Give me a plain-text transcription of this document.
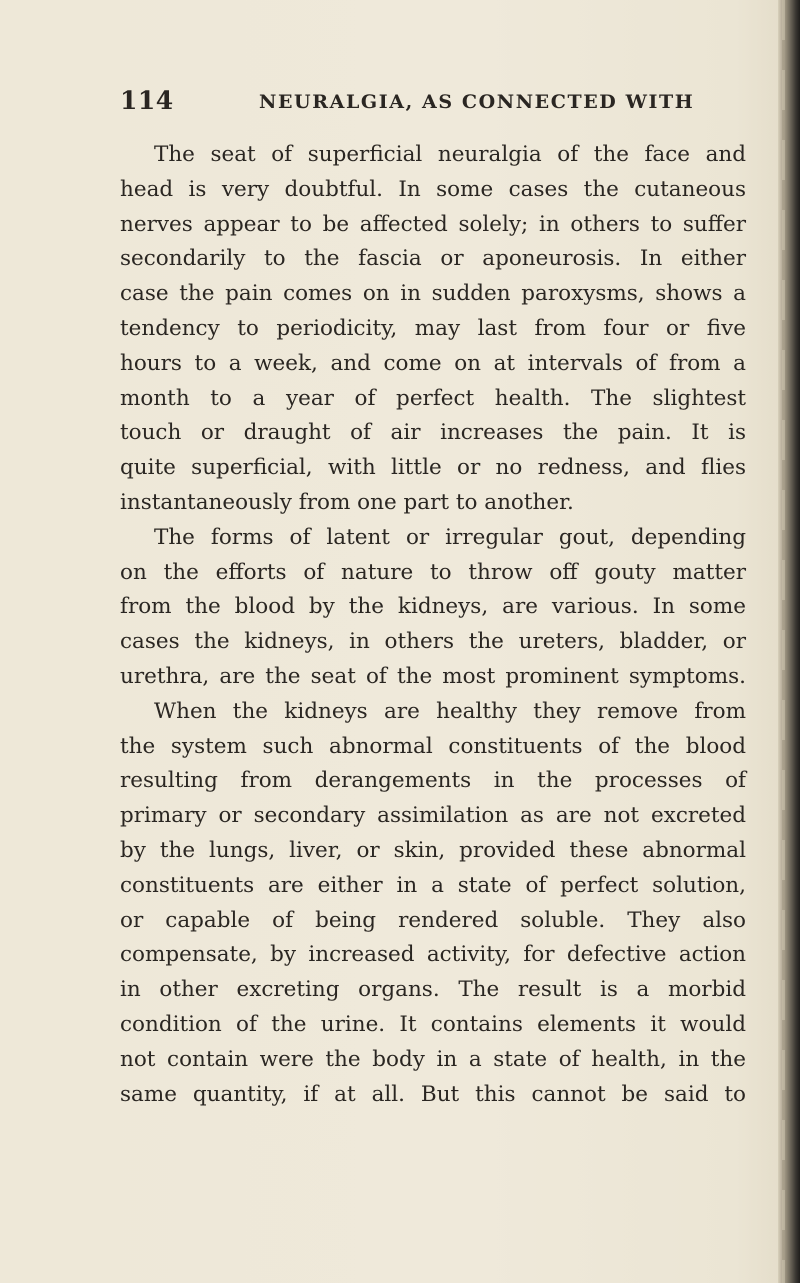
114	NEURALGIA, AS CONNECTED WITH
The seat of superficial neuralgia of the face and
head is very doubtful. In some cases the cutaneous
nerves appear to be affected solely; in others to suffer
secondarily to the fascia or aponeurosis. In either
case the pain comes on in sudden paroxysms, shows a
tendency to periodicity, may last from four or five
hours to a week, and come on at intervals of from a
month to a year of perfect health. The slightest
touch or draught of air increases the pain. It is
quite superficial, with little or no redness, and flies
instantaneously from one part to another.
The forms of latent or irregular gout, depending
on the efforts of nature to throw off gouty matter
from the blood by the kidneys, are various. In some
cases the kidneys, in others the ureters, bladder, or
urethra, are the seat of the most prominent symptoms.
When the kidneys are healthy they remove from
the system such abnormal constituents of the blood
resulting from derangements in the processes of
primary or secondary assimilation as are not excreted
by the lungs, liver, or skin, provided these abnormal
constituents are either in a state of perfect solution,
or capable of being rendered soluble. They also
compensate, by increased activity, for defective action
in other excreting organs. The result is a morbid
condition of the urine. It contains elements it would
not contain were the body in a state of health, in the
same quantity, if at all. But this cannot be said to
